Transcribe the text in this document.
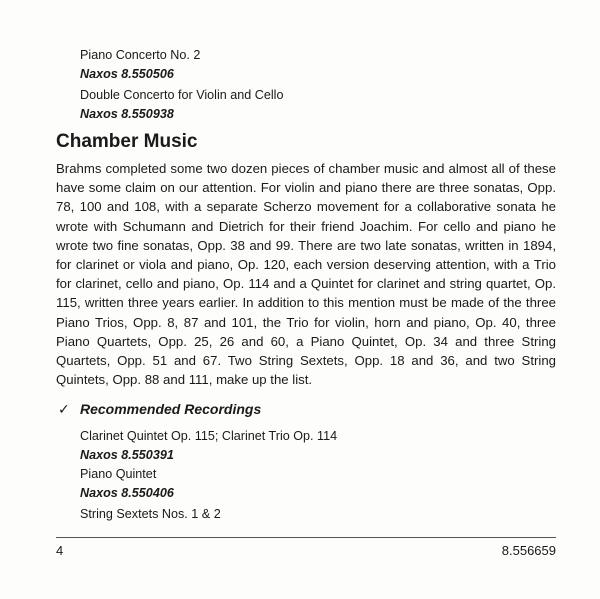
Piano Concerto No. 2
Naxos 8.550506
Double Concerto for Violin and Cello
Naxos 8.550938
Chamber Music

Brahms completed some two dozen pieces of chamber music and almost all of these have some claim on our attention. For violin and piano there are three sonatas, Opp. 78, 100 and 108, with a separate Scherzo movement for a collaborative sonata he wrote with Schumann and Dietrich for their friend Joachim. For cello and piano he wrote two fine sonatas, Opp. 38 and 99. There are two late sonatas, written in 1894, for clarinet or viola and piano, Op. 120, each version deserving attention, with a Trio for clarinet, cello and piano, Op. 114 and a Quintet for clarinet and string quartet, Op. 115, written three years earlier. In addition to this mention must be made of the three Piano Trios, Opp. 8, 87 and 101, the Trio for violin, horn and piano, Op. 40, three Piano Quartets, Opp. 25, 26 and 60, a Piano Quintet, Op. 34 and three String Quartets, Opp. 51 and 67. Two String Sextets, Opp. 18 and 36, and two String Quintets, Opp. 88 and 111, make up the list.

✓ Recommended Recordings
Clarinet Quintet Op. 115; Clarinet Trio Op. 114
Naxos 8.550391
Piano Quintet
Naxos 8.550406
String Sextets Nos. 1 & 2
4	8.556659
